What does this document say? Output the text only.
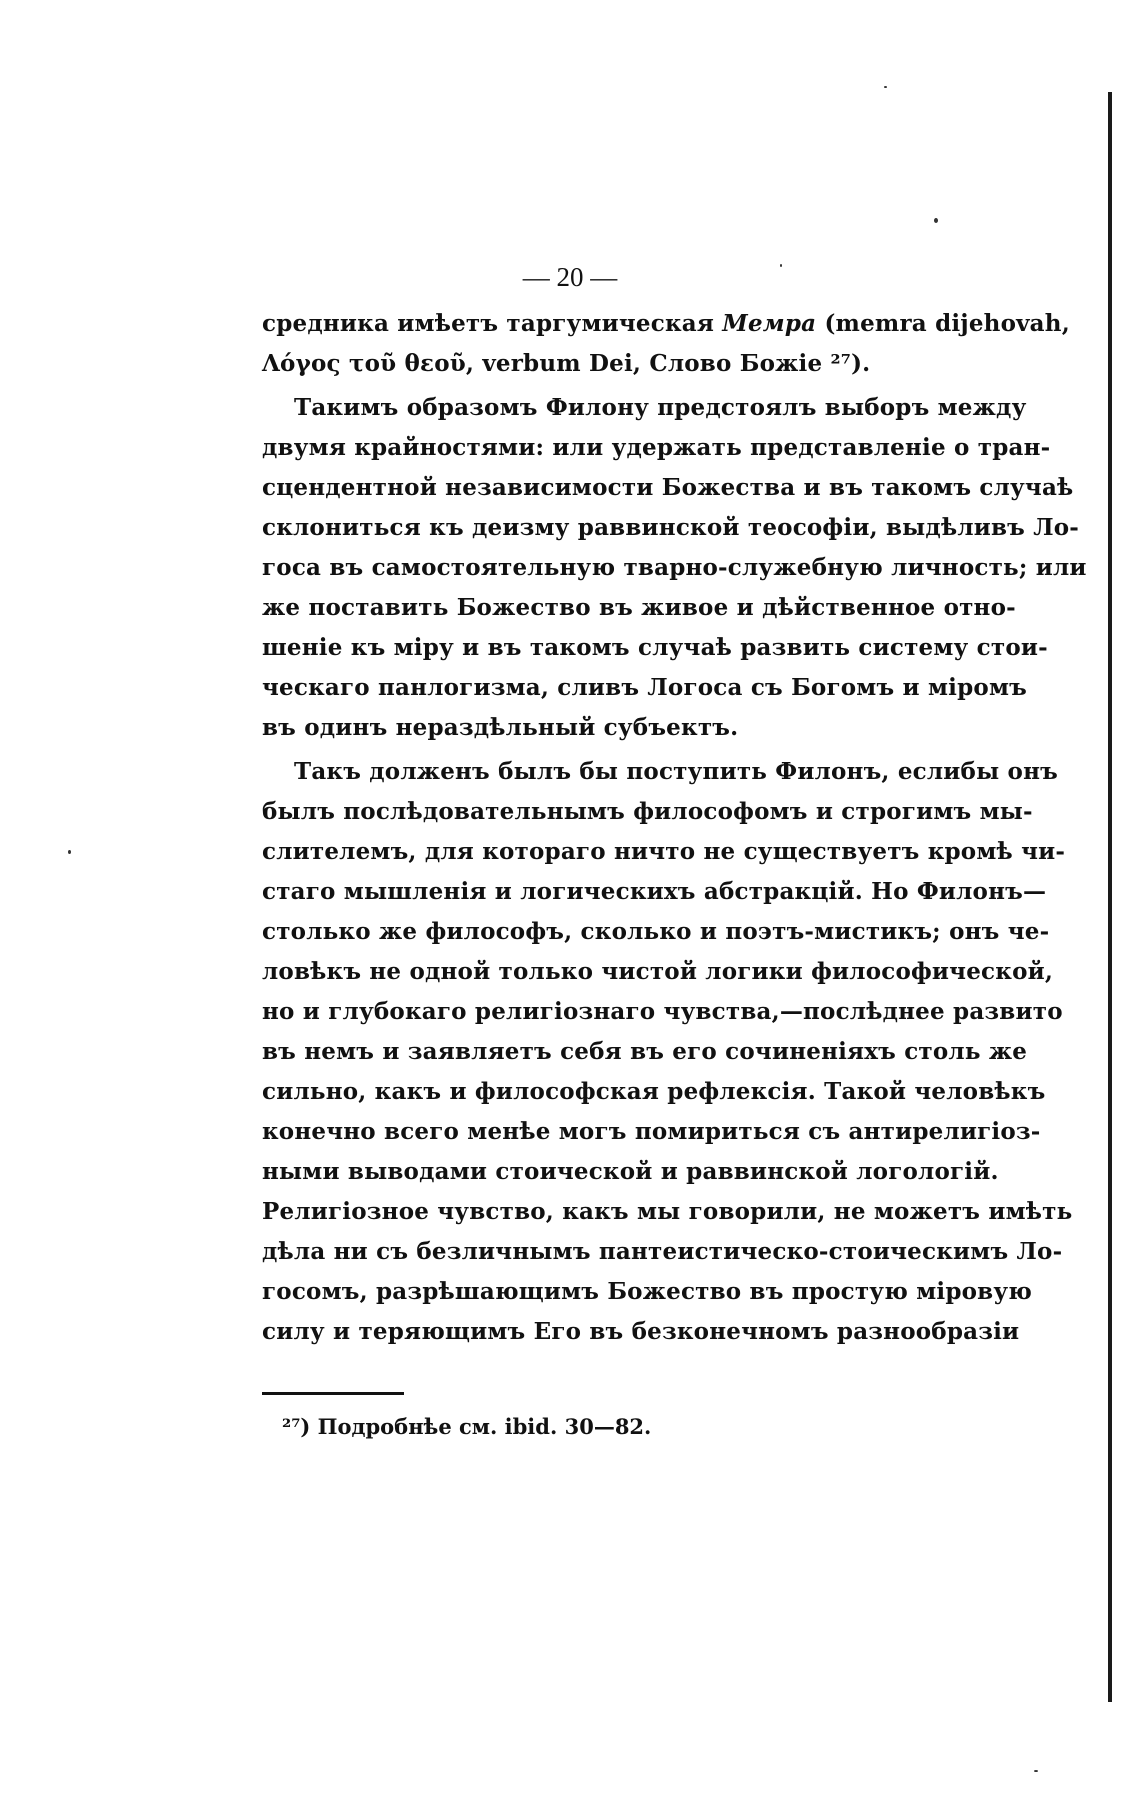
— 20 —
средника имѣетъ таргумическая Мемра (memra dijehovah,
Λόγος τοῦ θεοῦ, verbum Dei, Слово Божіе ²⁷).
Такимъ образомъ Филону предстоялъ выборъ между
двумя крайностями: или удержать представленіе о тран-
сцендентной независимости Божества и въ такомъ случаѣ
склониться къ деизму раввинской теософіи, выдѣливъ Ло-
госа въ самостоятельную тварно-служебную личность; или
же поставить Божество въ живое и дѣйственное отно-
шеніе къ міру и въ такомъ случаѣ развить систему стои-
ческаго панлогизма, сливъ Логоса съ Богомъ и міромъ
въ одинъ нераздѣльный субъектъ.
Такъ долженъ былъ бы поступить Филонъ, еслибы онъ
былъ послѣдовательнымъ философомъ и строгимъ мы-
слителемъ, для котораго ничто не существуетъ кромѣ чи-
стаго мышленія и логическихъ абстракцій. Но Филонъ—
столько же философъ, сколько и поэтъ-мистикъ; онъ че-
ловѣкъ не одной только чистой логики философической,
но и глубокаго религіознаго чувства,—послѣднее развито
въ немъ и заявляетъ себя въ его сочиненіяхъ столь же
сильно, какъ и философская рефлексія. Такой человѣкъ
конечно всего менѣе могъ помириться съ антирелигіоз-
ными выводами стоической и раввинской логологій.
Религіозное чувство, какъ мы говорили, не можетъ имѣть
дѣла ни съ безличнымъ пантеистическо-стоическимъ Ло-
госомъ, разрѣшающимъ Божество въ простую міровую
силу и теряющимъ Его въ безконечномъ разнообразіи
²⁷) Подробнѣе см. ibid. 30—82.
